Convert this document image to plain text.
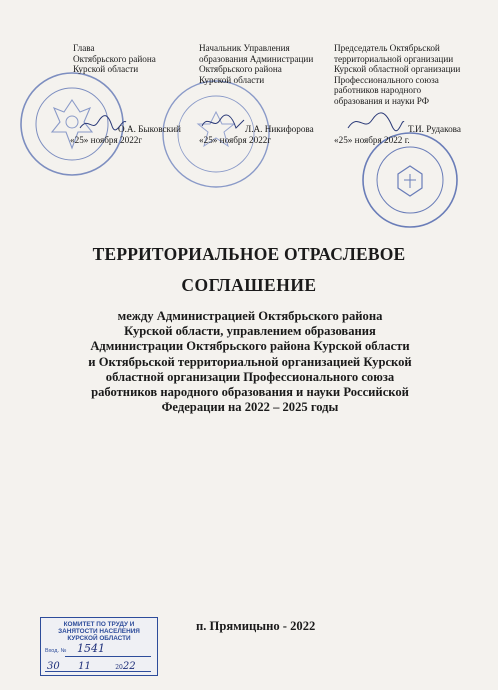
Глава
Октябрьского района
Курской области
Начальник Управления
образования Администрации
Октябрьского района
Курской области
Председатель Октябрьской
территориальной организации
Курской областной организации
Профессионального союза
работников народного
образования и науки РФ
О.А. Быковский
«25» ноября 2022г
Л.А. Никифорова
«25» ноября 2022г
Т.И. Рудакова
«25» ноября 2022 г.
ТЕРРИТОРИАЛЬНОЕ ОТРАСЛЕВОЕ
СОГЛАШЕНИЕ
между Администрацией Октябрьского района
Курской области, управлением образования
Администрации Октябрьского района Курской области
и Октябрьской территориальной организацией Курской
областной организации Профессионального союза
работников народного образования и науки Российской
Федерации на 2022 – 2025 годы
п. Прямицыно - 2022
КОМИТЕТ ПО ТРУДУ И
ЗАНЯТОСТИ НАСЕЛЕНИЯ
КУРСКОЙ ОБЛАСТИ
Вход. № 1541
30 11	2022
